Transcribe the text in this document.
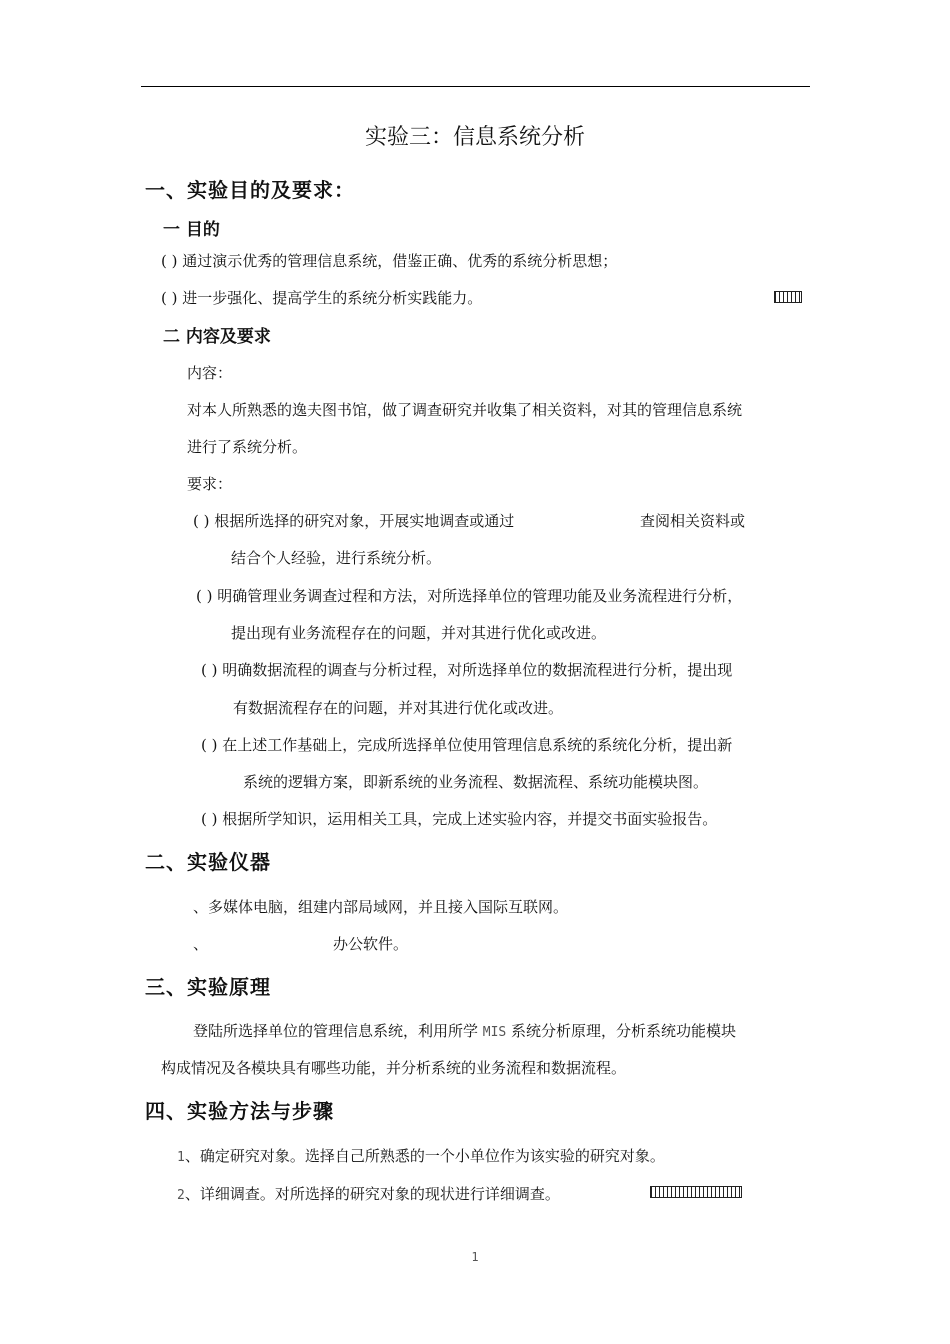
实验三：信息系统分析
一、实验目的及要求：
一 目的
( ) 通过演示优秀的管理信息系统，借鉴正确、优秀的系统分析思想；
( ) 进一步强化、提高学生的系统分析实践能力。
二 内容及要求
内容：
对本人所熟悉的逸夫图书馆，做了调查研究并收集了相关资料，对其的管理信息系统
进行了系统分析。
要求：
( ) 根据所选择的研究对象，开展实地调查或通过	查阅相关资料或
结合个人经验，进行系统分析。
( ) 明确管理业务调查过程和方法，对所选择单位的管理功能及业务流程进行分析，
提出现有业务流程存在的问题，并对其进行优化或改进。
( ) 明确数据流程的调查与分析过程，对所选择单位的数据流程进行分析，提出现
有数据流程存在的问题，并对其进行优化或改进。
( ) 在上述工作基础上，完成所选择单位使用管理信息系统的系统化分析，提出新
系统的逻辑方案，即新系统的业务流程、数据流程、系统功能模块图。
( ) 根据所学知识，运用相关工具，完成上述实验内容，并提交书面实验报告。
二、实验仪器
、多媒体电脑，组建内部局域网，并且接入国际互联网。
、	办公软件。
三、实验原理
登陆所选择单位的管理信息系统，利用所学 MIS 系统分析原理，分析系统功能模块
构成情况及各模块具有哪些功能，并分析系统的业务流程和数据流程。
四、实验方法与步骤
1、确定研究对象。选择自己所熟悉的一个小单位作为该实验的研究对象。
2、详细调查。对所选择的研究对象的现状进行详细调查。
1
